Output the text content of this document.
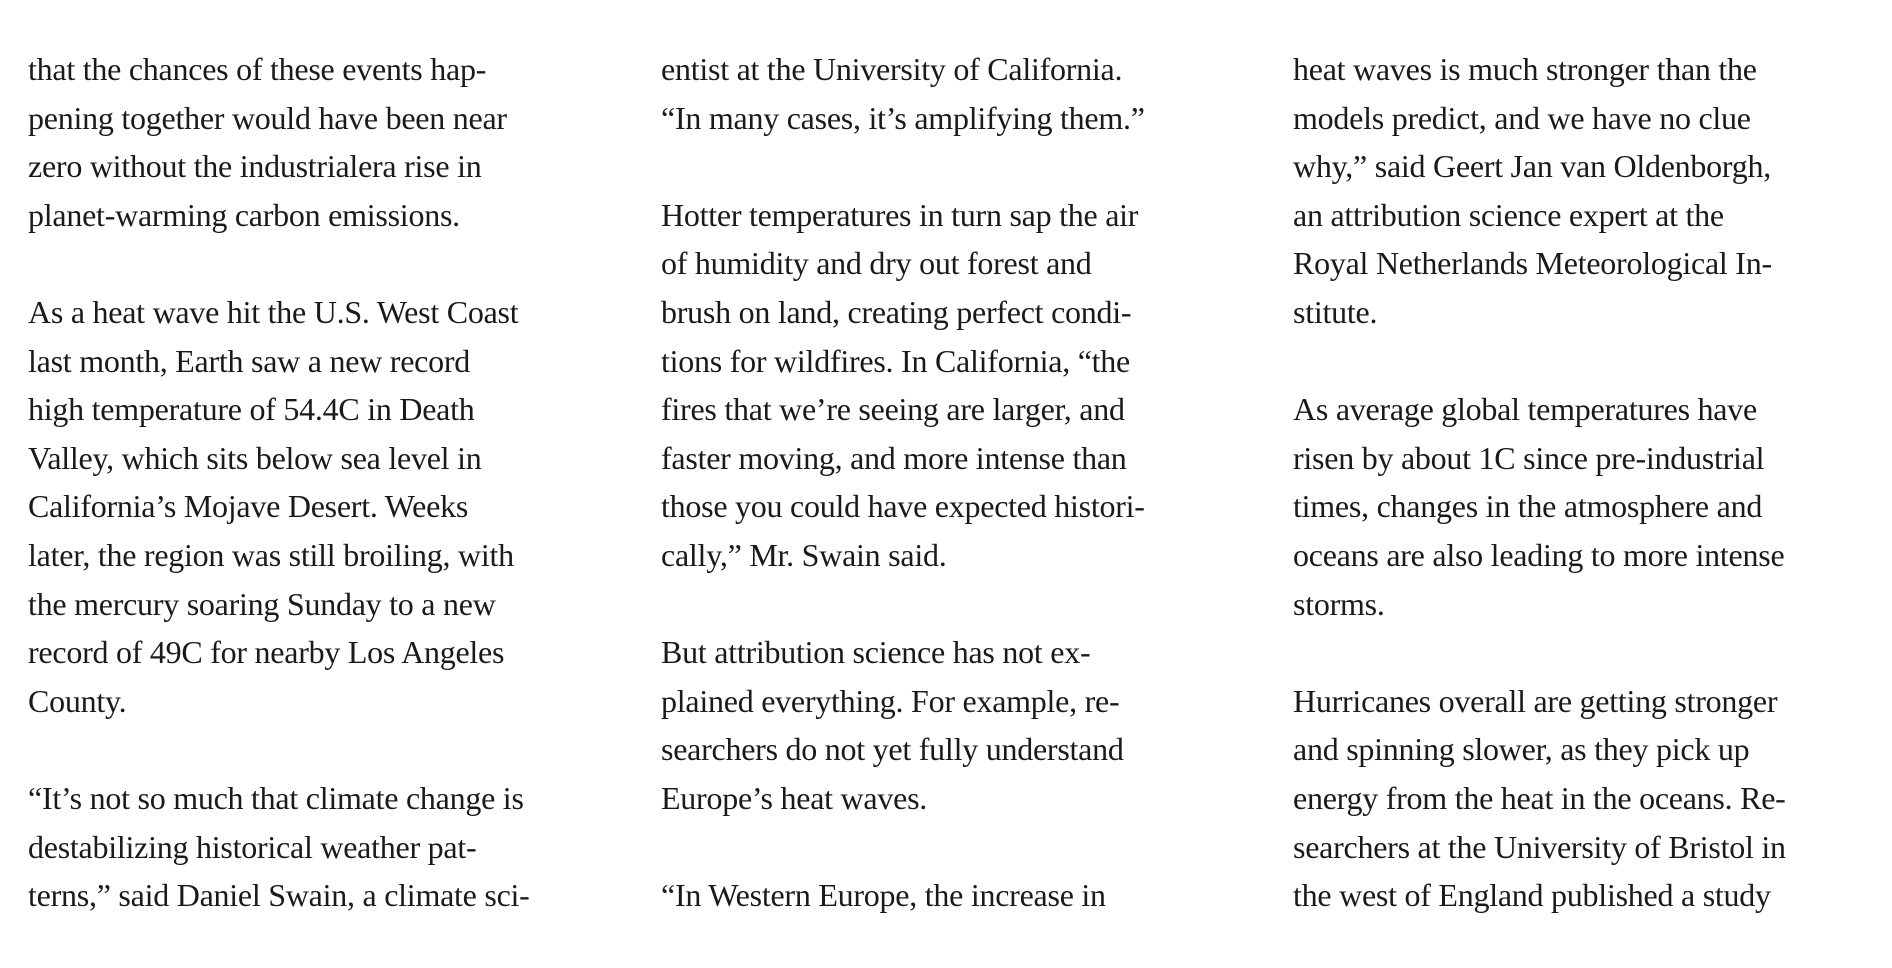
that the chances of these events hap-
pening together would have been near
zero without the industrialera rise in
planet-warming carbon emissions.

As a heat wave hit the U.S. West Coast
last month, Earth saw a new record
high temperature of 54.4C in Death
Valley, which sits below sea level in
California’s Mojave Desert. Weeks
later, the region was still broiling, with
the mercury soaring Sunday to a new
record of 49C for nearby Los Angeles
County.

“It’s not so much that climate change is
destabilizing historical weather pat-
terns,” said Daniel Swain, a climate sci-

entist at the University of California.
“In many cases, it’s amplifying them.”

Hotter temperatures in turn sap the air
of humidity and dry out forest and
brush on land, creating perfect condi-
tions for wildfires. In California, “the
fires that we’re seeing are larger, and
faster moving, and more intense than
those you could have expected histori-
cally,” Mr. Swain said.

But attribution science has not ex-
plained everything. For example, re-
searchers do not yet fully understand
Europe’s heat waves.

“In Western Europe, the increase in

heat waves is much stronger than the
models predict, and we have no clue
why,” said Geert Jan van Oldenborgh,
an attribution science expert at the
Royal Netherlands Meteorological In-
stitute.

As average global temperatures have
risen by about 1C since pre-industrial
times, changes in the atmosphere and
oceans are also leading to more intense
storms.

Hurricanes overall are getting stronger
and spinning slower, as they pick up
energy from the heat in the oceans. Re-
searchers at the University of Bristol in
the west of England published a study
